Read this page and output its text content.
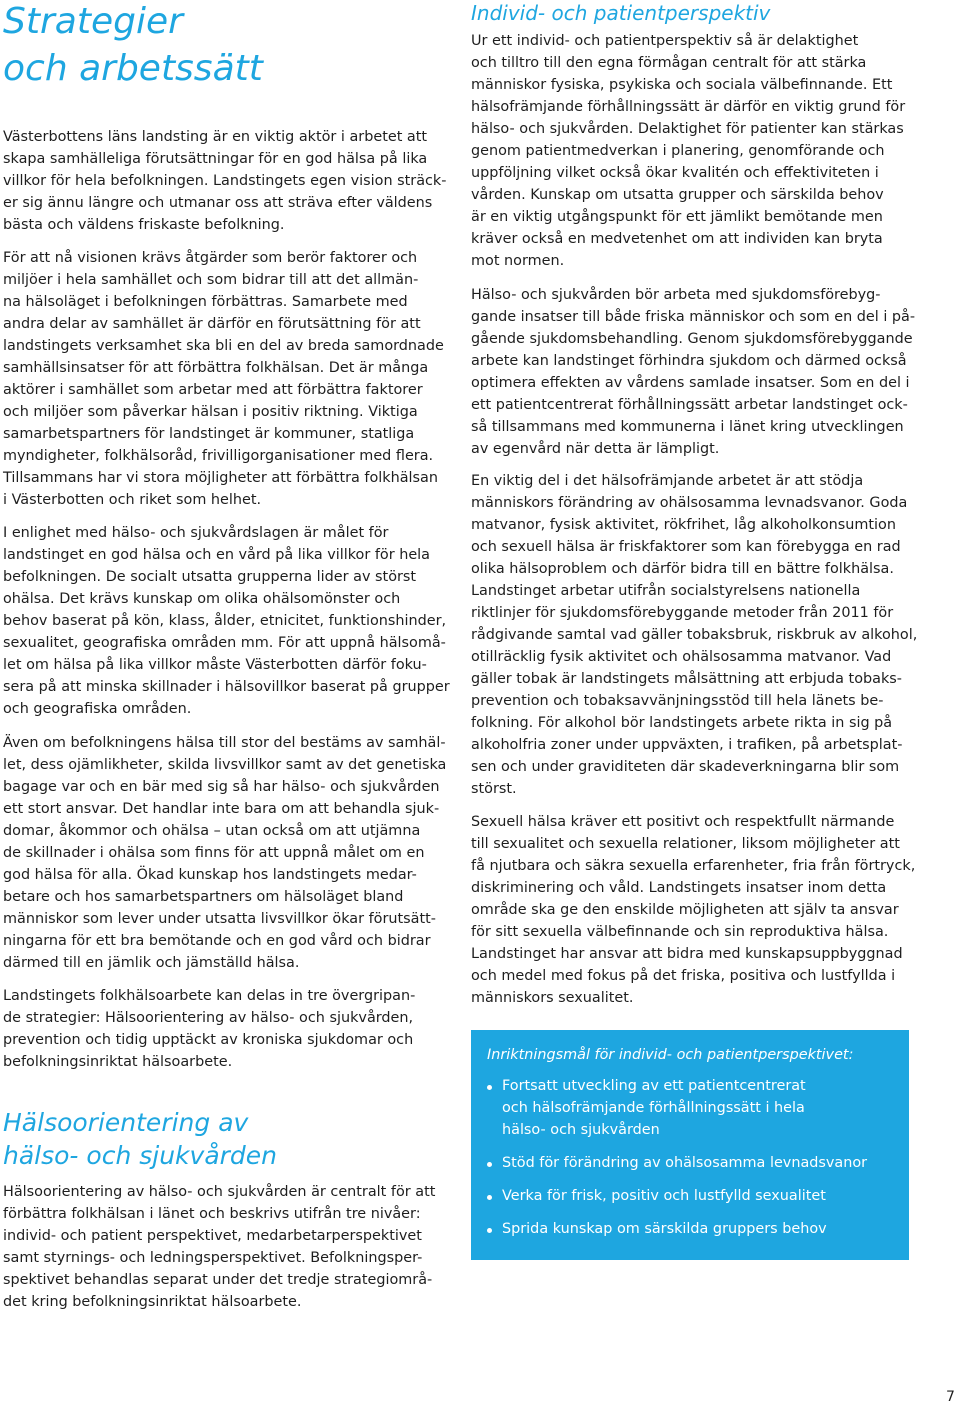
Strategier
och arbetssätt

Västerbottens läns landsting är en viktig aktör i arbetet att
skapa samhälleliga förutsättningar för en god hälsa på lika
villkor för hela befolkningen. Landstingets egen vision sträck-
er sig ännu längre och utmanar oss att sträva efter väldens
bästa och väldens friskaste befolkning.

För att nå visionen krävs åtgärder som berör faktorer och
miljöer i hela samhället och som bidrar till att det allmän-
na hälsoläget i befolkningen förbättras. Samarbete med
andra delar av samhället är därför en förutsättning för att
landstingets verksamhet ska bli en del av breda samordnade
samhällsinsatser för att förbättra folkhälsan. Det är många
aktörer i samhället som arbetar med att förbättra faktorer
och miljöer som påverkar hälsan i positiv riktning. Viktiga
samarbetspartners för landstinget är kommuner, statliga
myndigheter, folkhälsoråd, frivilligorganisationer med flera.
Tillsammans har vi stora möjligheter att förbättra folkhälsan
i Västerbotten och riket som helhet.

I enlighet med hälso- och sjukvårdslagen är målet för
landstinget en god hälsa och en vård på lika villkor för hela
befolkningen. De socialt utsatta grupperna lider av störst
ohälsa. Det krävs kunskap om olika ohälsomönster och
behov baserat på kön, klass, ålder, etnicitet, funktionshinder,
sexualitet, geografiska områden mm. För att uppnå hälsomå-
let om hälsa på lika villkor måste Västerbotten därför foku-
sera på att minska skillnader i hälsovillkor baserat på grupper
och geografiska områden.

Även om befolkningens hälsa till stor del bestäms av samhäl-
let, dess ojämlikheter, skilda livsvillkor samt av det genetiska
bagage var och en bär med sig så har hälso- och sjukvården
ett stort ansvar. Det handlar inte bara om att behandla sjuk-
domar, åkommor och ohälsa – utan också om att utjämna
de skillnader i ohälsa som finns för att uppnå målet om en
god hälsa för alla. Ökad kunskap hos landstingets medar-
betare och hos samarbetspartners om hälsoläget bland
människor som lever under utsatta livsvillkor ökar förutsätt-
ningarna för ett bra bemötande och en god vård och bidrar
därmed till en jämlik och jämställd hälsa.

Landstingets folkhälsoarbete kan delas in tre övergripan-
de strategier: Hälsoorientering av hälso- och sjukvården,
prevention och tidig upptäckt av kroniska sjukdomar och
befolkningsinriktat hälsoarbete.

Hälsoorientering av
hälso- och sjukvården

Hälsoorientering av hälso- och sjukvården är centralt för att
förbättra folkhälsan i länet och beskrivs utifrån tre nivåer:
individ- och patient perspektivet, medarbetarperspektivet
samt styrnings- och ledningsperspektivet. Befolkningsper-
spektivet behandlas separat under det tredje strategiområ-
det kring befolkningsinriktat hälsoarbete.

Individ- och patientperspektiv

Ur ett individ- och patientperspektiv så är delaktighet
och tilltro till den egna förmågan centralt för att stärka
människor fysiska, psykiska och sociala välbefinnande. Ett
hälsofrämjande förhållningssätt är därför en viktig grund för
hälso- och sjukvården. Delaktighet för patienter kan stärkas
genom patientmedverkan i planering, genomförande och
uppföljning vilket också ökar kvalitén och effektiviteten i
vården. Kunskap om utsatta grupper och särskilda behov
är en viktig utgångspunkt för ett jämlikt bemötande men
kräver också en medvetenhet om att individen kan bryta
mot normen.

Hälso- och sjukvården bör arbeta med sjukdomsförebyg-
gande insatser till både friska människor och som en del i på-
gående sjukdomsbehandling. Genom sjukdomsförebyggande
arbete kan landstinget förhindra sjukdom och därmed också
optimera effekten av vårdens samlade insatser. Som en del i
ett patientcentrerat förhållningssätt arbetar landstinget ock-
så tillsammans med kommunerna i länet kring utvecklingen
av egenvård när detta är lämpligt.

En viktig del i det hälsofrämjande arbetet är att stödja
människors förändring av ohälsosamma levnadsvanor. Goda
matvanor, fysisk aktivitet, rökfrihet, låg alkoholkonsumtion
och sexuell hälsa är friskfaktorer som kan förebygga en rad
olika hälsoproblem och därför bidra till en bättre folkhälsa.
Landstinget arbetar utifrån socialstyrelsens nationella
riktlinjer för sjukdomsförebyggande metoder från 2011 för
rådgivande samtal vad gäller tobaksbruk, riskbruk av alkohol,
otillräcklig fysik aktivitet och ohälsosamma matvanor. Vad
gäller tobak är landstingets målsättning att erbjuda tobaks-
prevention och tobaksavvänjningsstöd till hela länets be-
folkning. För alkohol bör landstingets arbete rikta in sig på
alkoholfria zoner under uppväxten, i trafiken, på arbetsplat-
sen och under graviditeten där skadeverkningarna blir som
störst.

Sexuell hälsa kräver ett positivt och respektfullt närmande
till sexualitet och sexuella relationer, liksom möjligheter att
få njutbara och säkra sexuella erfarenheter, fria från förtryck,
diskriminering och våld. Landstingets insatser inom detta
område ska ge den enskilde möjligheten att själv ta ansvar
för sitt sexuella välbefinnande och sin reproduktiva hälsa.
Landstinget har ansvar att bidra med kunskapsuppbyggnad
och medel med fokus på det friska, positiva och lustfyllda i
människors sexualitet.

Inriktningsmål för individ- och patientperspektivet:
Fortsatt utveckling av ett patientcentrerat
och hälsofrämjande förhållningssätt i hela
hälso- och sjukvården
Stöd för förändring av ohälsosamma levnadsvanor
Verka för frisk, positiv och lustfylld sexualitet
Sprida kunskap om särskilda gruppers behov
7
